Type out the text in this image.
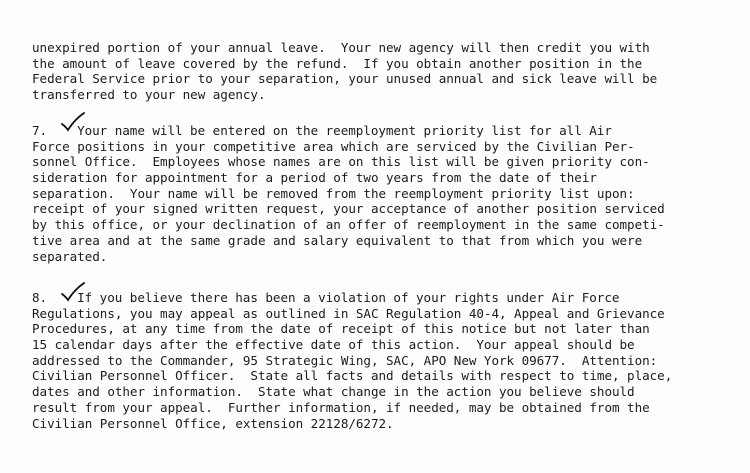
unexpired portion of your annual leave.  Your new agency will then credit you with
the amount of leave covered by the refund.  If you obtain another position in the
Federal Service prior to your separation, your unused annual and sick leave will be
transferred to your new agency.
7. Your name will be entered on the reemployment priority list for all Air
Force positions in your competitive area which are serviced by the Civilian Per-
sonnel Office.  Employees whose names are on this list will be given priority con-
sideration for appointment for a period of two years from the date of their
separation.  Your name will be removed from the reemployment priority list upon:
receipt of your signed written request, your acceptance of another position serviced
by this office, or your declination of an offer of reemployment in the same competi-
tive area and at the same grade and salary equivalent to that from which you were
separated.
8. If you believe there has been a violation of your rights under Air Force
Regulations, you may appeal as outlined in SAC Regulation 40-4, Appeal and Grievance
Procedures, at any time from the date of receipt of this notice but not later than
15 calendar days after the effective date of this action.  Your appeal should be
addressed to the Commander, 95 Strategic Wing, SAC, APO New York 09677.  Attention:
Civilian Personnel Officer.  State all facts and details with respect to time, place,
dates and other information.  State what change in the action you believe should
result from your appeal.  Further information, if needed, may be obtained from the
Civilian Personnel Office, extension 22128/6272.
